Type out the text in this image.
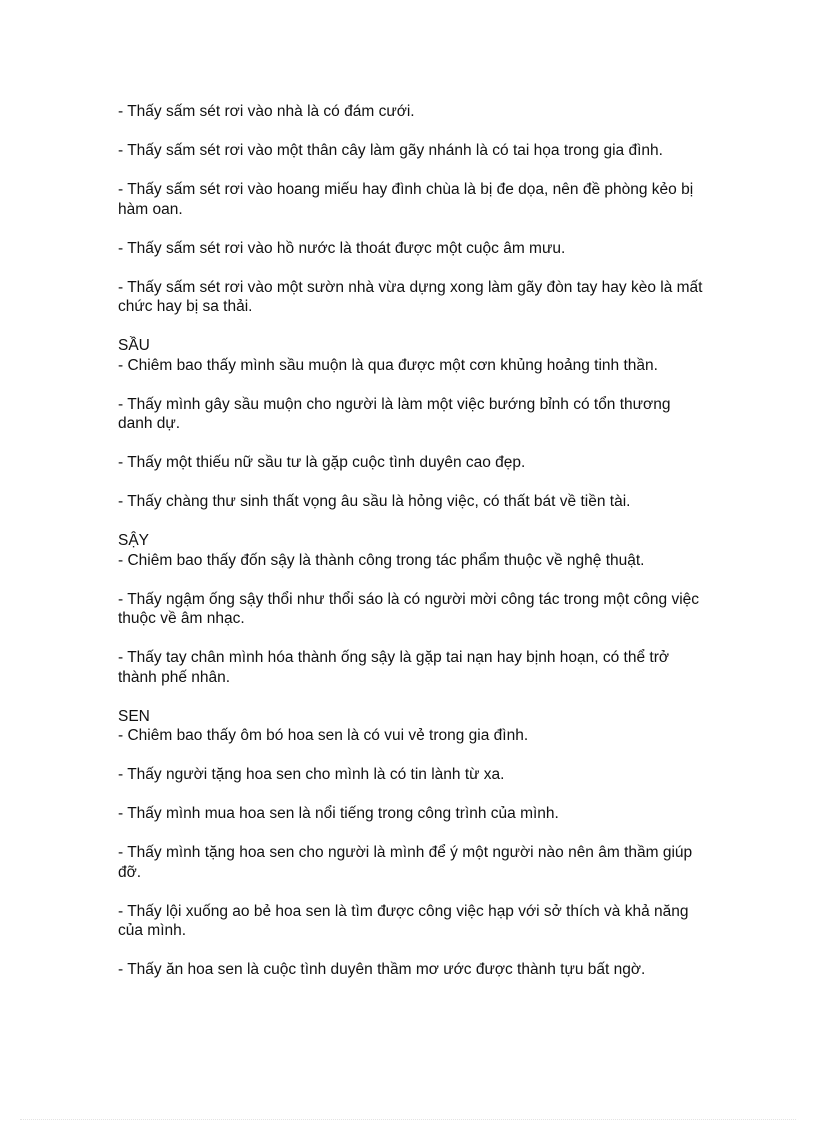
- Thấy sấm sét rơi vào nhà là có đám cưới.

- Thấy sấm sét rơi vào một thân cây làm gãy nhánh là có tai họa trong gia đình.

- Thấy sấm sét rơi vào hoang miếu hay đình chùa là bị đe dọa, nên đề phòng kẻo bị hàm oan.

- Thấy sấm sét rơi vào hồ nước là thoát được một cuộc âm mưu.

- Thấy sấm sét rơi vào một sườn nhà vừa dựng xong làm gãy đòn tay hay kèo là mất chức hay bị sa thải.

SẦU

- Chiêm bao thấy mình sầu muộn là qua được một cơn khủng hoảng tinh thần.

- Thấy mình gây sầu muộn cho người là làm một việc bướng bỉnh có tổn thương danh dự.

- Thấy một thiếu nữ sầu tư là gặp cuộc tình duyên cao đẹp.

- Thấy chàng thư sinh thất vọng âu sầu là hỏng việc, có thất bát về tiền tài.

SẬY

- Chiêm bao thấy đốn sậy là thành công trong tác phẩm thuộc về nghệ thuật.

- Thấy ngậm ống sậy thổi như thổi sáo là có người mời công tác trong một công việc thuộc về âm nhạc.

- Thấy tay chân mình hóa thành ống sậy là gặp tai nạn hay bịnh hoạn, có thể trở thành phế nhân.

SEN

- Chiêm bao thấy ôm bó hoa sen là có vui vẻ trong gia đình.

- Thấy người tặng hoa sen cho mình là có tin lành từ xa.

- Thấy mình mua hoa sen là nổi tiếng trong công trình của mình.

- Thấy mình tặng hoa sen cho người là mình để ý một người nào nên âm thầm giúp đỡ.

- Thấy lội xuống ao bẻ hoa sen là tìm được công việc hạp với sở thích và khả năng của mình.

- Thấy ăn hoa sen là cuộc tình duyên thầm mơ ước được thành tựu bất ngờ.
